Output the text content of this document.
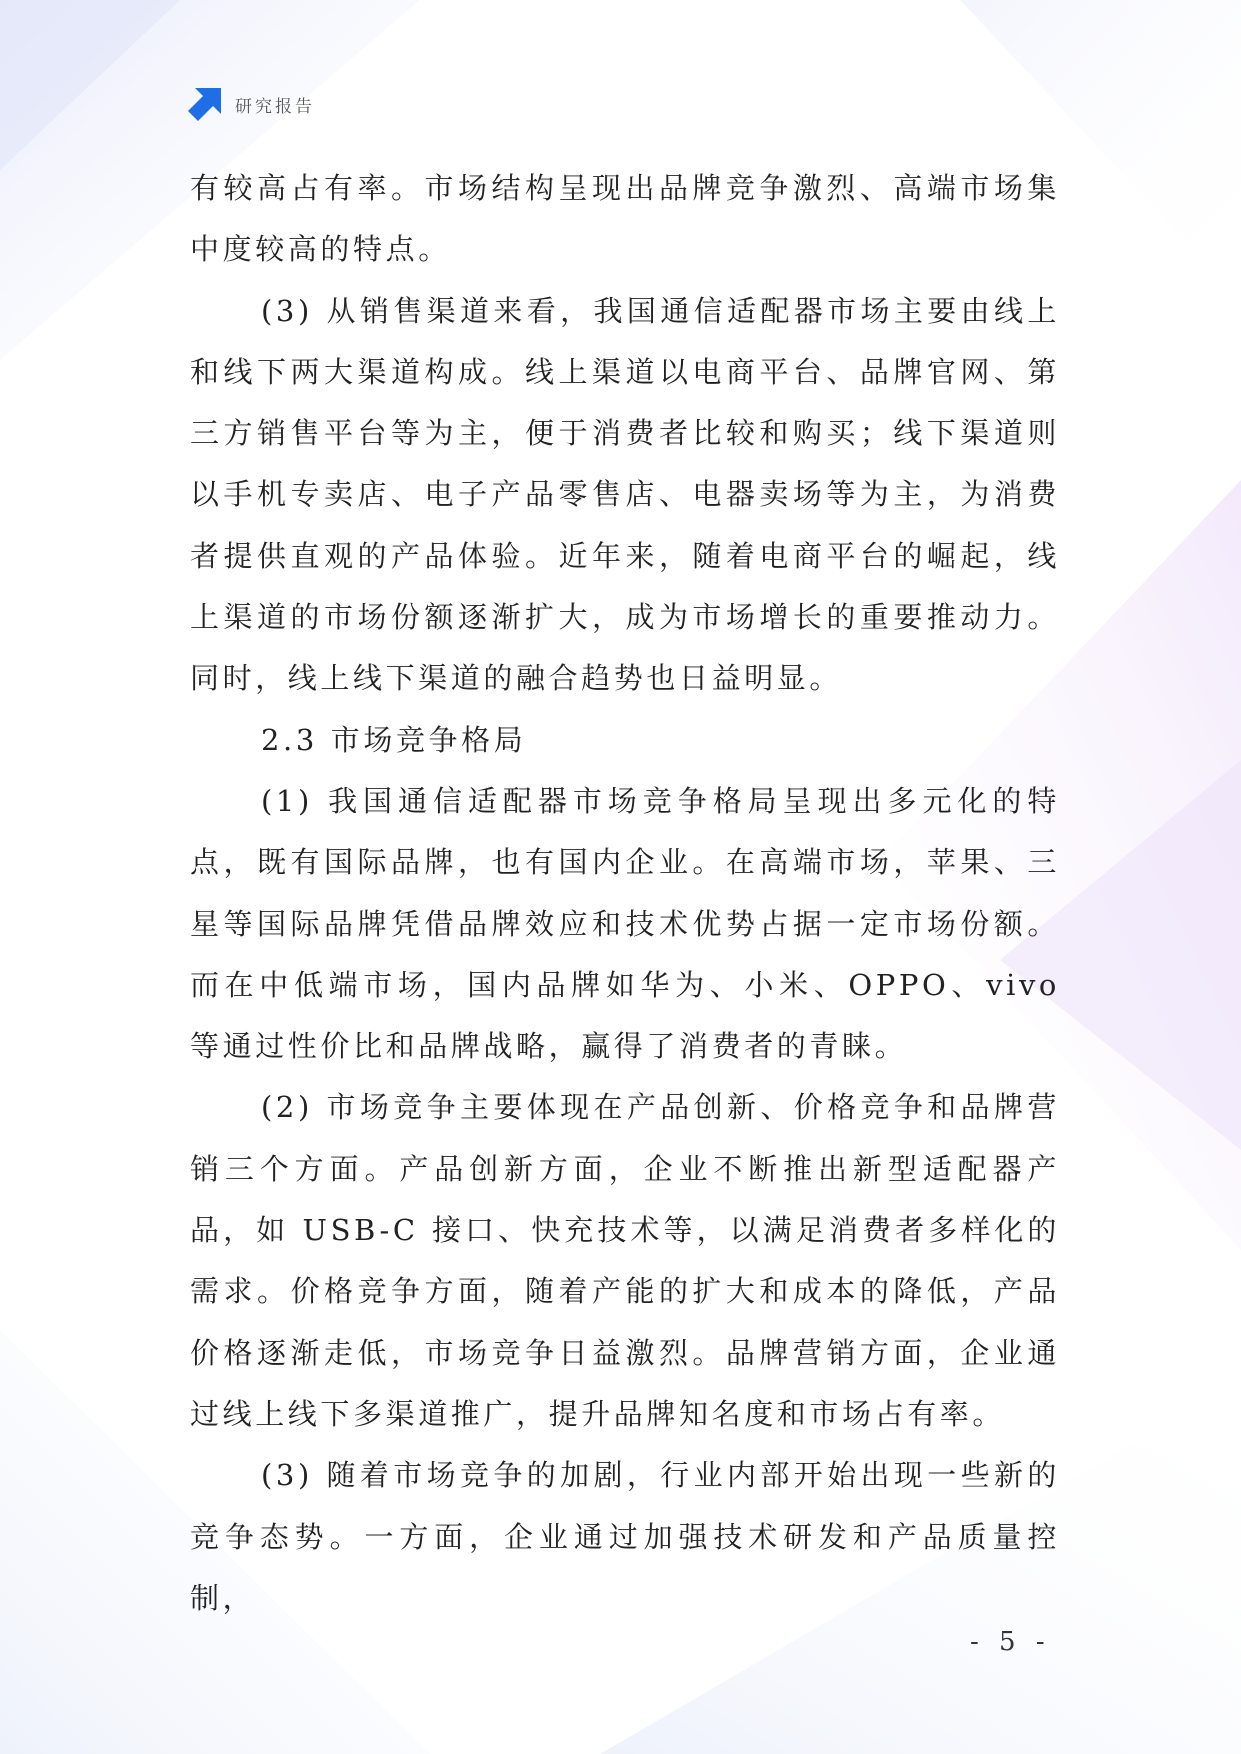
研究报告

有较高占有率。市场结构呈现出品牌竞争激烈、高端市场集中度较高的特点。

(3) 从销售渠道来看，我国通信适配器市场主要由线上和线下两大渠道构成。线上渠道以电商平台、品牌官网、第三方销售平台等为主，便于消费者比较和购买；线下渠道则以手机专卖店、电子产品零售店、电器卖场等为主，为消费者提供直观的产品体验。近年来，随着电商平台的崛起，线上渠道的市场份额逐渐扩大，成为市场增长的重要推动力。同时，线上线下渠道的融合趋势也日益明显。

2.3 市场竞争格局

(1) 我国通信适配器市场竞争格局呈现出多元化的特点，既有国际品牌，也有国内企业。在高端市场，苹果、三星等国际品牌凭借品牌效应和技术优势占据一定市场份额。而在中低端市场，国内品牌如华为、小米、OPPO、vivo 等通过性价比和品牌战略，赢得了消费者的青睐。

(2) 市场竞争主要体现在产品创新、价格竞争和品牌营销三个方面。产品创新方面，企业不断推出新型适配器产品，如 USB-C 接口、快充技术等，以满足消费者多样化的需求。价格竞争方面，随着产能的扩大和成本的降低，产品价格逐渐走低，市场竞争日益激烈。品牌营销方面，企业通过线上线下多渠道推广，提升品牌知名度和市场占有率。

(3) 随着市场竞争的加剧，行业内部开始出现一些新的竞争态势。一方面，企业通过加强技术研发和产品质量控制，

- 5 -
